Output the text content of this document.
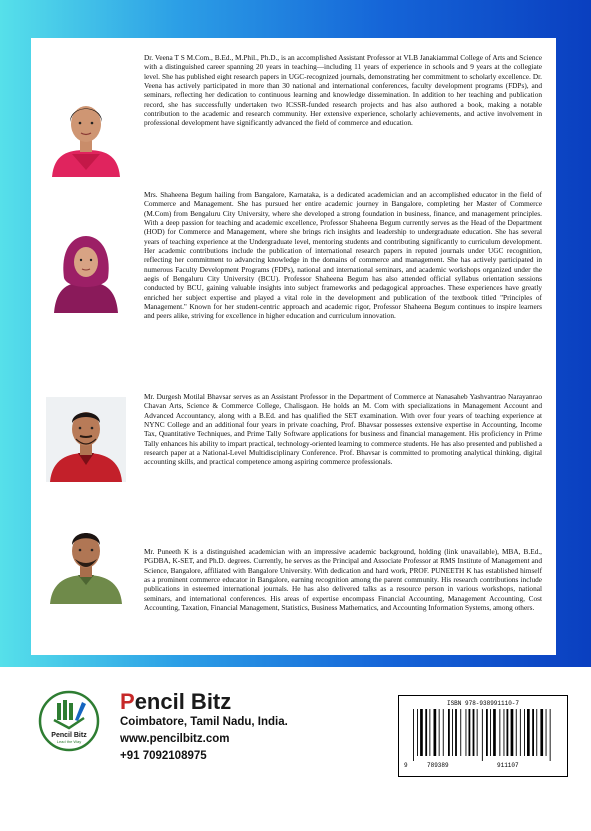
Dr. Veena T S M.Com., B.Ed., M.Phil., Ph.D., is an accomplished Assistant Professor at VLB Janakiammal College of Arts and Science with a distinguished career spanning 20 years in teaching—including 11 years of experience in schools and 9 years at the collegiate level. She has published eight research papers in UGC-recognized journals, demonstrating her commitment to scholarly excellence. Dr. Veena has actively participated in more than 30 national and international conferences, faculty development programs (FDPs), and seminars, reflecting her dedication to continuous learning and knowledge dissemination. In addition to her teaching and publication record, she has successfully undertaken two ICSSR-funded research projects and has also authored a book, making a notable contribution to the academic and research community. Her extensive experience, scholarly achievements, and active involvement in professional development have significantly advanced the field of commerce and education.

Mrs. Shaheena Begum hailing from Bangalore, Karnataka, is a dedicated academician and an accomplished educator in the field of Commerce and Management. She has pursued her entire academic journey in Bangalore, completing her Master of Commerce (M.Com) from Bengaluru City University, where she developed a strong foundation in business, finance, and management principles. With a deep passion for teaching and academic excellence, Professor Shaheena Begum currently serves as the Head of the Department (HOD) for Commerce and Management, where she brings rich insights and leadership to undergraduate education. She has several years of teaching experience at the Undergraduate level, mentoring students and contributing significantly to curriculum development. Her academic contributions include the publication of international research papers in reputed journals under UGC recognition, reflecting her commitment to advancing knowledge in the domains of commerce and management. She has actively participated in numerous Faculty Development Programs (FDPs), national and international seminars, and academic workshops organized under the aegis of Bengaluru City University (BCU). Professor Shaheena Begum has also attended official syllabus orientation sessions conducted by BCU, gaining valuable insights into subject frameworks and pedagogical approaches. These experiences have greatly enriched her subject expertise and played a vital role in the development and publication of the textbook titled "Principles of Management." Known for her student-centric approach and academic rigor, Professor Shaheena Begum continues to inspire learners and peers alike, striving for excellence in higher education and curriculum innovation.

Mr. Durgesh Motilal Bhavsar serves as an Assistant Professor in the Department of Commerce at Nanasaheb Yashvantrao Narayanrao Chavan Arts, Science & Commerce College, Chalisgaon. He holds an M. Com with specializations in Management Account and Advanced Accountancy, along with a B.Ed. and has qualified the SET examination. With over four years of teaching experience at NYNC College and an additional four years in private coaching, Prof. Bhavsar possesses extensive expertise in Accounting, Income Tax, Quantitative Techniques, and Prime Tally Software applications for business and financial management. His proficiency in Prime Tally enhances his ability to impart practical, technology-oriented learning to commerce students. He has also presented and published a research paper at a National-Level Multidisciplinary Conference. Prof. Bhavsar is committed to promoting analytical thinking, digital accounting skills, and practical competence among aspiring commerce professionals.

Mr. Puneeth K is a distinguished academician with an impressive academic background, holding (link unavailable), MBA, B.Ed., PGDBA, K-SET, and Ph.D. degrees. Currently, he serves as the Principal and Associate Professor at RMS Institute of Management and Science, Bangalore, affiliated with Bangalore University. With dedication and hard work, PROF. PUNEETH K has established himself as a prominent commerce educator in Bangalore, earning recognition among the parent community. His research contributions include publications in esteemed international journals. He has also delivered talks as a resource person in various workshops, national seminars, and international conferences. His areas of expertise encompass Financial Accounting, Management Accounting, Cost Accounting, Taxation, Financial Management, Statistics, Business Mathematics, and Accounting Information Systems, among others.

Pencil Bitz
Lead the Way
Pencil Bitz
Coimbatore, Tamil Nadu, India.
www.pencilbitz.com
+91 7092108975
ISBN 978-938991110-7
9	789389	911107
